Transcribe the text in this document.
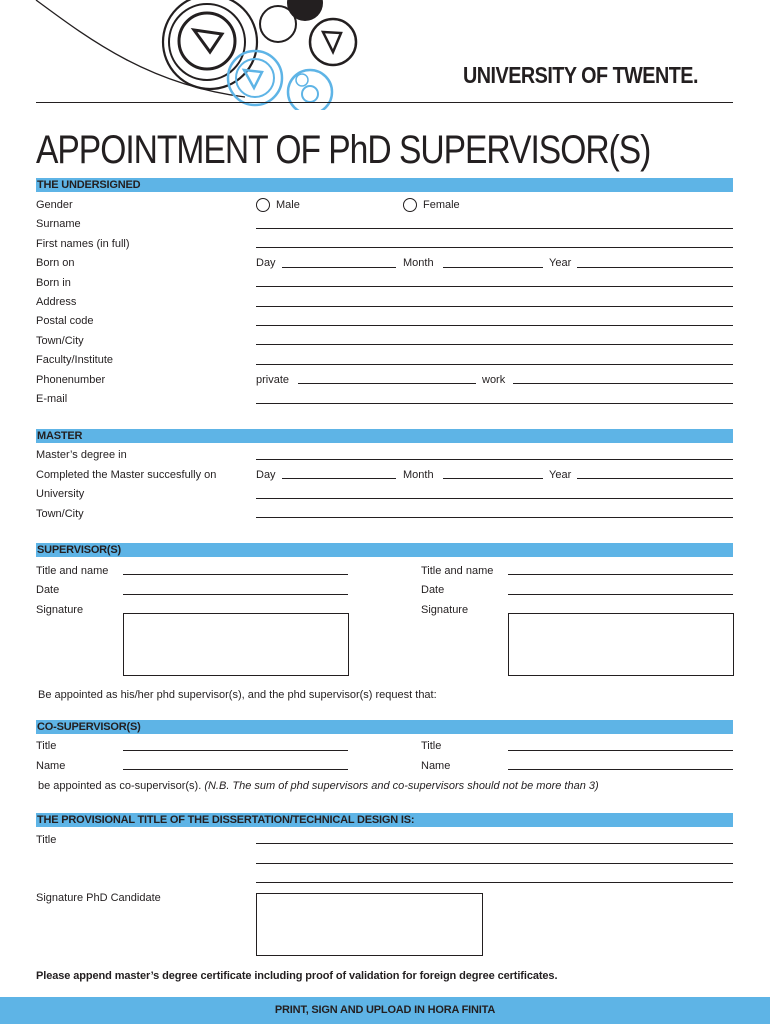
UNIVERSITY OF TWENTE.
APPOINTMENT OF PhD SUPERVISOR(S)
THE UNDERSIGNED
Gender	Male	Female
Surname
First names (in full)
Born on	Day	Month	Year
Born in
Address
Postal code
Town/City
Faculty/Institute
Phonenumber	private	work
E-mail
MASTER
Master’s degree in
Completed the Master succesfully on	Day	Month	Year
University
Town/City
SUPERVISOR(S)
Title and name	Title and name
Date	Date
Signature	Signature
Be appointed as his/her phd supervisor(s), and the phd supervisor(s) request that:
CO-SUPERVISOR(S)
Title	Title
Name	Name
be appointed as co-supervisor(s). (N.B. The sum of phd supervisors and co-supervisors should not be more than 3)
THE PROVISIONAL TITLE OF THE DISSERTATION/TECHNICAL DESIGN IS:
Title
Signature PhD Candidate
Please append master’s degree certificate including proof of validation for foreign degree certificates.
PRINT, SIGN AND UPLOAD IN HORA FINITA
